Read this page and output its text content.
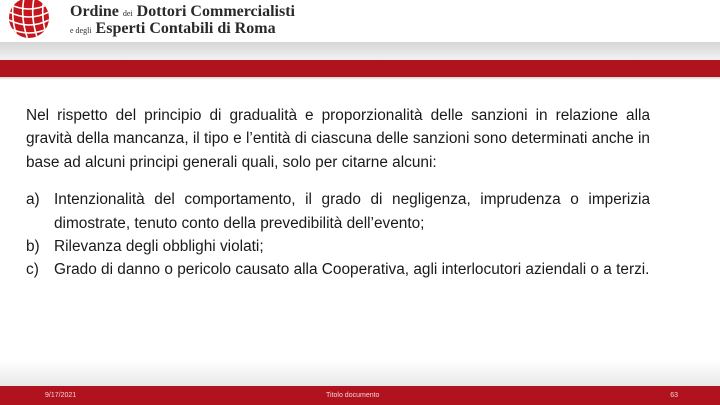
Ordine dei Dottori Commercialisti
e degli Esperti Contabili di Roma

Nel rispetto del principio di gradualità e proporzionalità delle sanzioni in relazione alla gravità della mancanza, il tipo e l’entità di ciascuna delle sanzioni sono determinati anche in base ad alcuni principi generali quali, solo per citarne alcuni:

a) Intenzionalità del comportamento, il grado di negligenza, imprudenza o imperizia dimostrate, tenuto conto della prevedibilità dell’evento;
b) Rilevanza degli obblighi violati;
c) Grado di danno o pericolo causato alla Cooperativa, agli interlocutori aziendali o a terzi.
9/17/2021	Titolo documento	63
